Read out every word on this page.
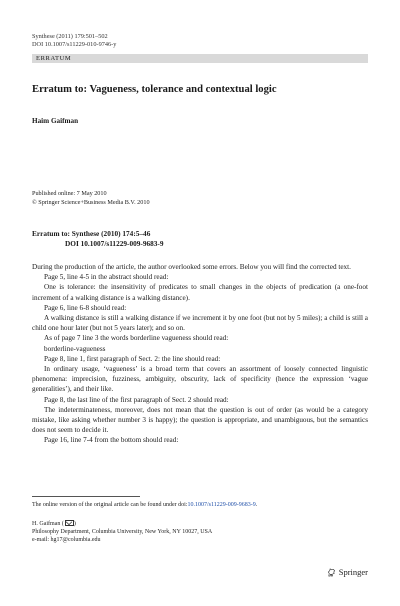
Synthese (2011) 179:501–502
DOI 10.1007/s11229-010-9746-y
ERRATUM
Erratum to: Vagueness, tolerance and contextual logic
Haim Gaifman
Published online: 7 May 2010
© Springer Science+Business Media B.V. 2010
Erratum to: Synthese (2010) 174:5–46
DOI 10.1007/s11229-009-9683-9

During the production of the article, the author overlooked some errors. Below you will find the corrected text.

Page 5, line 4-5 in the abstract should read:

One is tolerance: the insensitivity of predicates to small changes in the objects of predication (a one-foot increment of a walking distance is a walking distance).

Page 6, line 6-8 should read:

A walking distance is still a walking distance if we increment it by one foot (but not by 5 miles); a child is still a child one hour later (but not 5 years later); and so on.

As of page 7 line 3 the words borderline vagueness should read:

borderline-vagueness

Page 8, line 1, first paragraph of Sect. 2: the line should read:

In ordinary usage, ‘vagueness’ is a broad term that covers an assortment of loosely connected linguistic phenomena: imprecision, fuzziness, ambiguity, obscurity, lack of specificity (hence the expression ‘vague generalities’), and their like.

Page 8, the last line of the first paragraph of Sect. 2 should read:

The indeterminateness, moreover, does not mean that the question is out of order (as would be a category mistake, like asking whether number 3 is happy); the question is appropriate, and unambiguous, but the semantics does not seem to decide it.

Page 16, line 7-4 from the bottom should read:

The online version of the original article can be found under doi:10.1007/s11229-009-9683-9.
H. Gaifman ( )
Philosophy Department, Columbia University, New York, NY 10027, USA
e-mail: hg17@columbia.edu
Springer
